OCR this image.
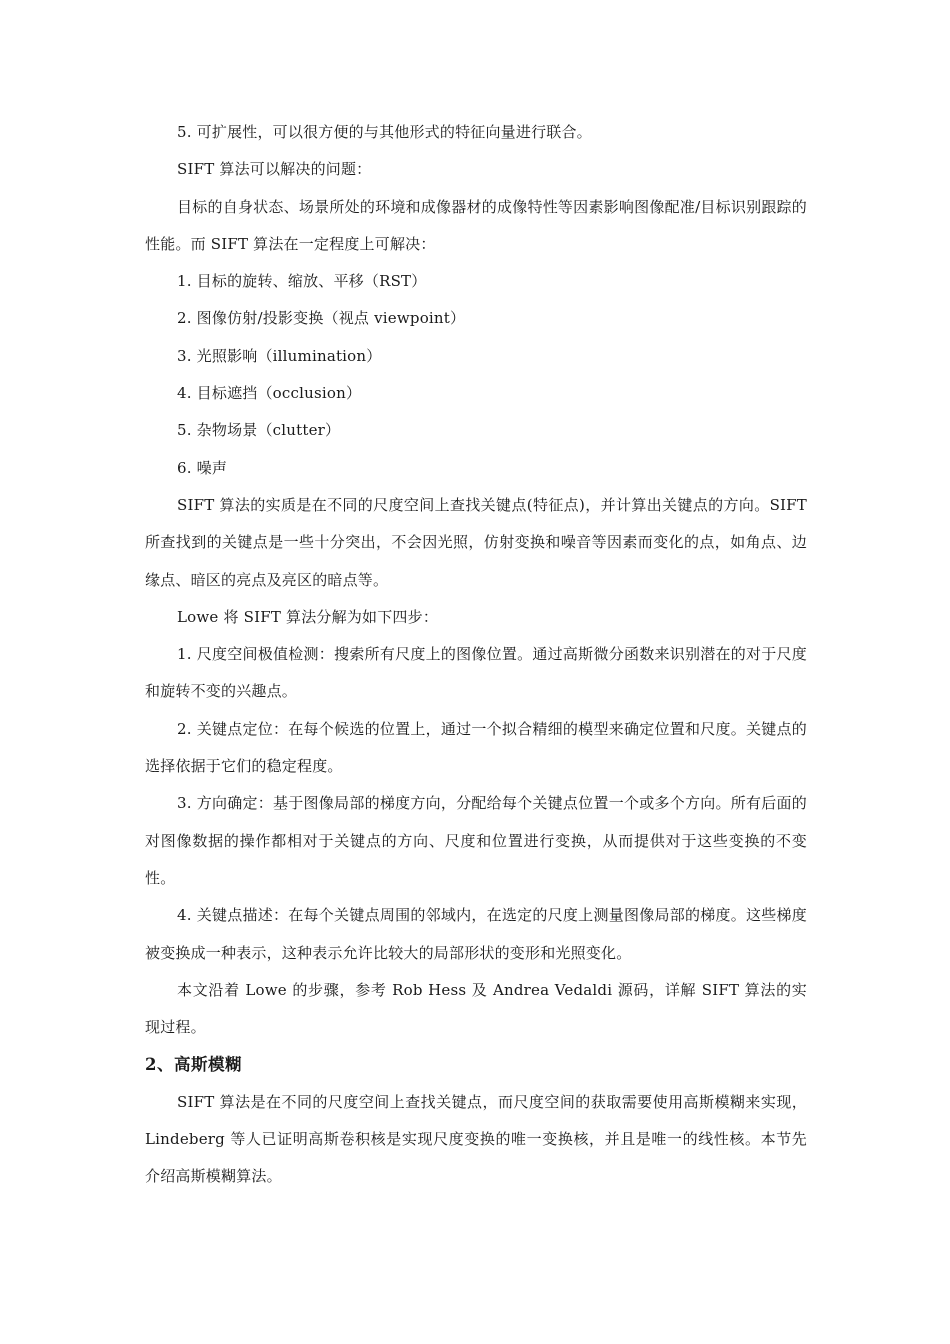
5. 可扩展性，可以很方便的与其他形式的特征向量进行联合。

SIFT 算法可以解决的问题：

目标的自身状态、场景所处的环境和成像器材的成像特性等因素影响图像配准/目标识别跟踪的性能。而 SIFT 算法在一定程度上可解决：

1. 目标的旋转、缩放、平移（RST）

2. 图像仿射/投影变换（视点 viewpoint）

3. 光照影响（illumination）

4. 目标遮挡（occlusion）

5. 杂物场景（clutter）

6. 噪声

SIFT 算法的实质是在不同的尺度空间上查找关键点(特征点)，并计算出关键点的方向。SIFT 所查找到的关键点是一些十分突出，不会因光照，仿射变换和噪音等因素而变化的点，如角点、边缘点、暗区的亮点及亮区的暗点等。

Lowe 将 SIFT 算法分解为如下四步：

1. 尺度空间极值检测：搜索所有尺度上的图像位置。通过高斯微分函数来识别潜在的对于尺度和旋转不变的兴趣点。

2. 关键点定位：在每个候选的位置上，通过一个拟合精细的模型来确定位置和尺度。关键点的选择依据于它们的稳定程度。

3. 方向确定：基于图像局部的梯度方向，分配给每个关键点位置一个或多个方向。所有后面的对图像数据的操作都相对于关键点的方向、尺度和位置进行变换，从而提供对于这些变换的不变性。

4. 关键点描述：在每个关键点周围的邻域内，在选定的尺度上测量图像局部的梯度。这些梯度被变换成一种表示，这种表示允许比较大的局部形状的变形和光照变化。

本文沿着 Lowe 的步骤，参考 Rob Hess 及 Andrea Vedaldi 源码，详解 SIFT 算法的实现过程。

2、高斯模糊

SIFT 算法是在不同的尺度空间上查找关键点，而尺度空间的获取需要使用高斯模糊来实现，Lindeberg 等人已证明高斯卷积核是实现尺度变换的唯一变换核，并且是唯一的线性核。本节先介绍高斯模糊算法。
